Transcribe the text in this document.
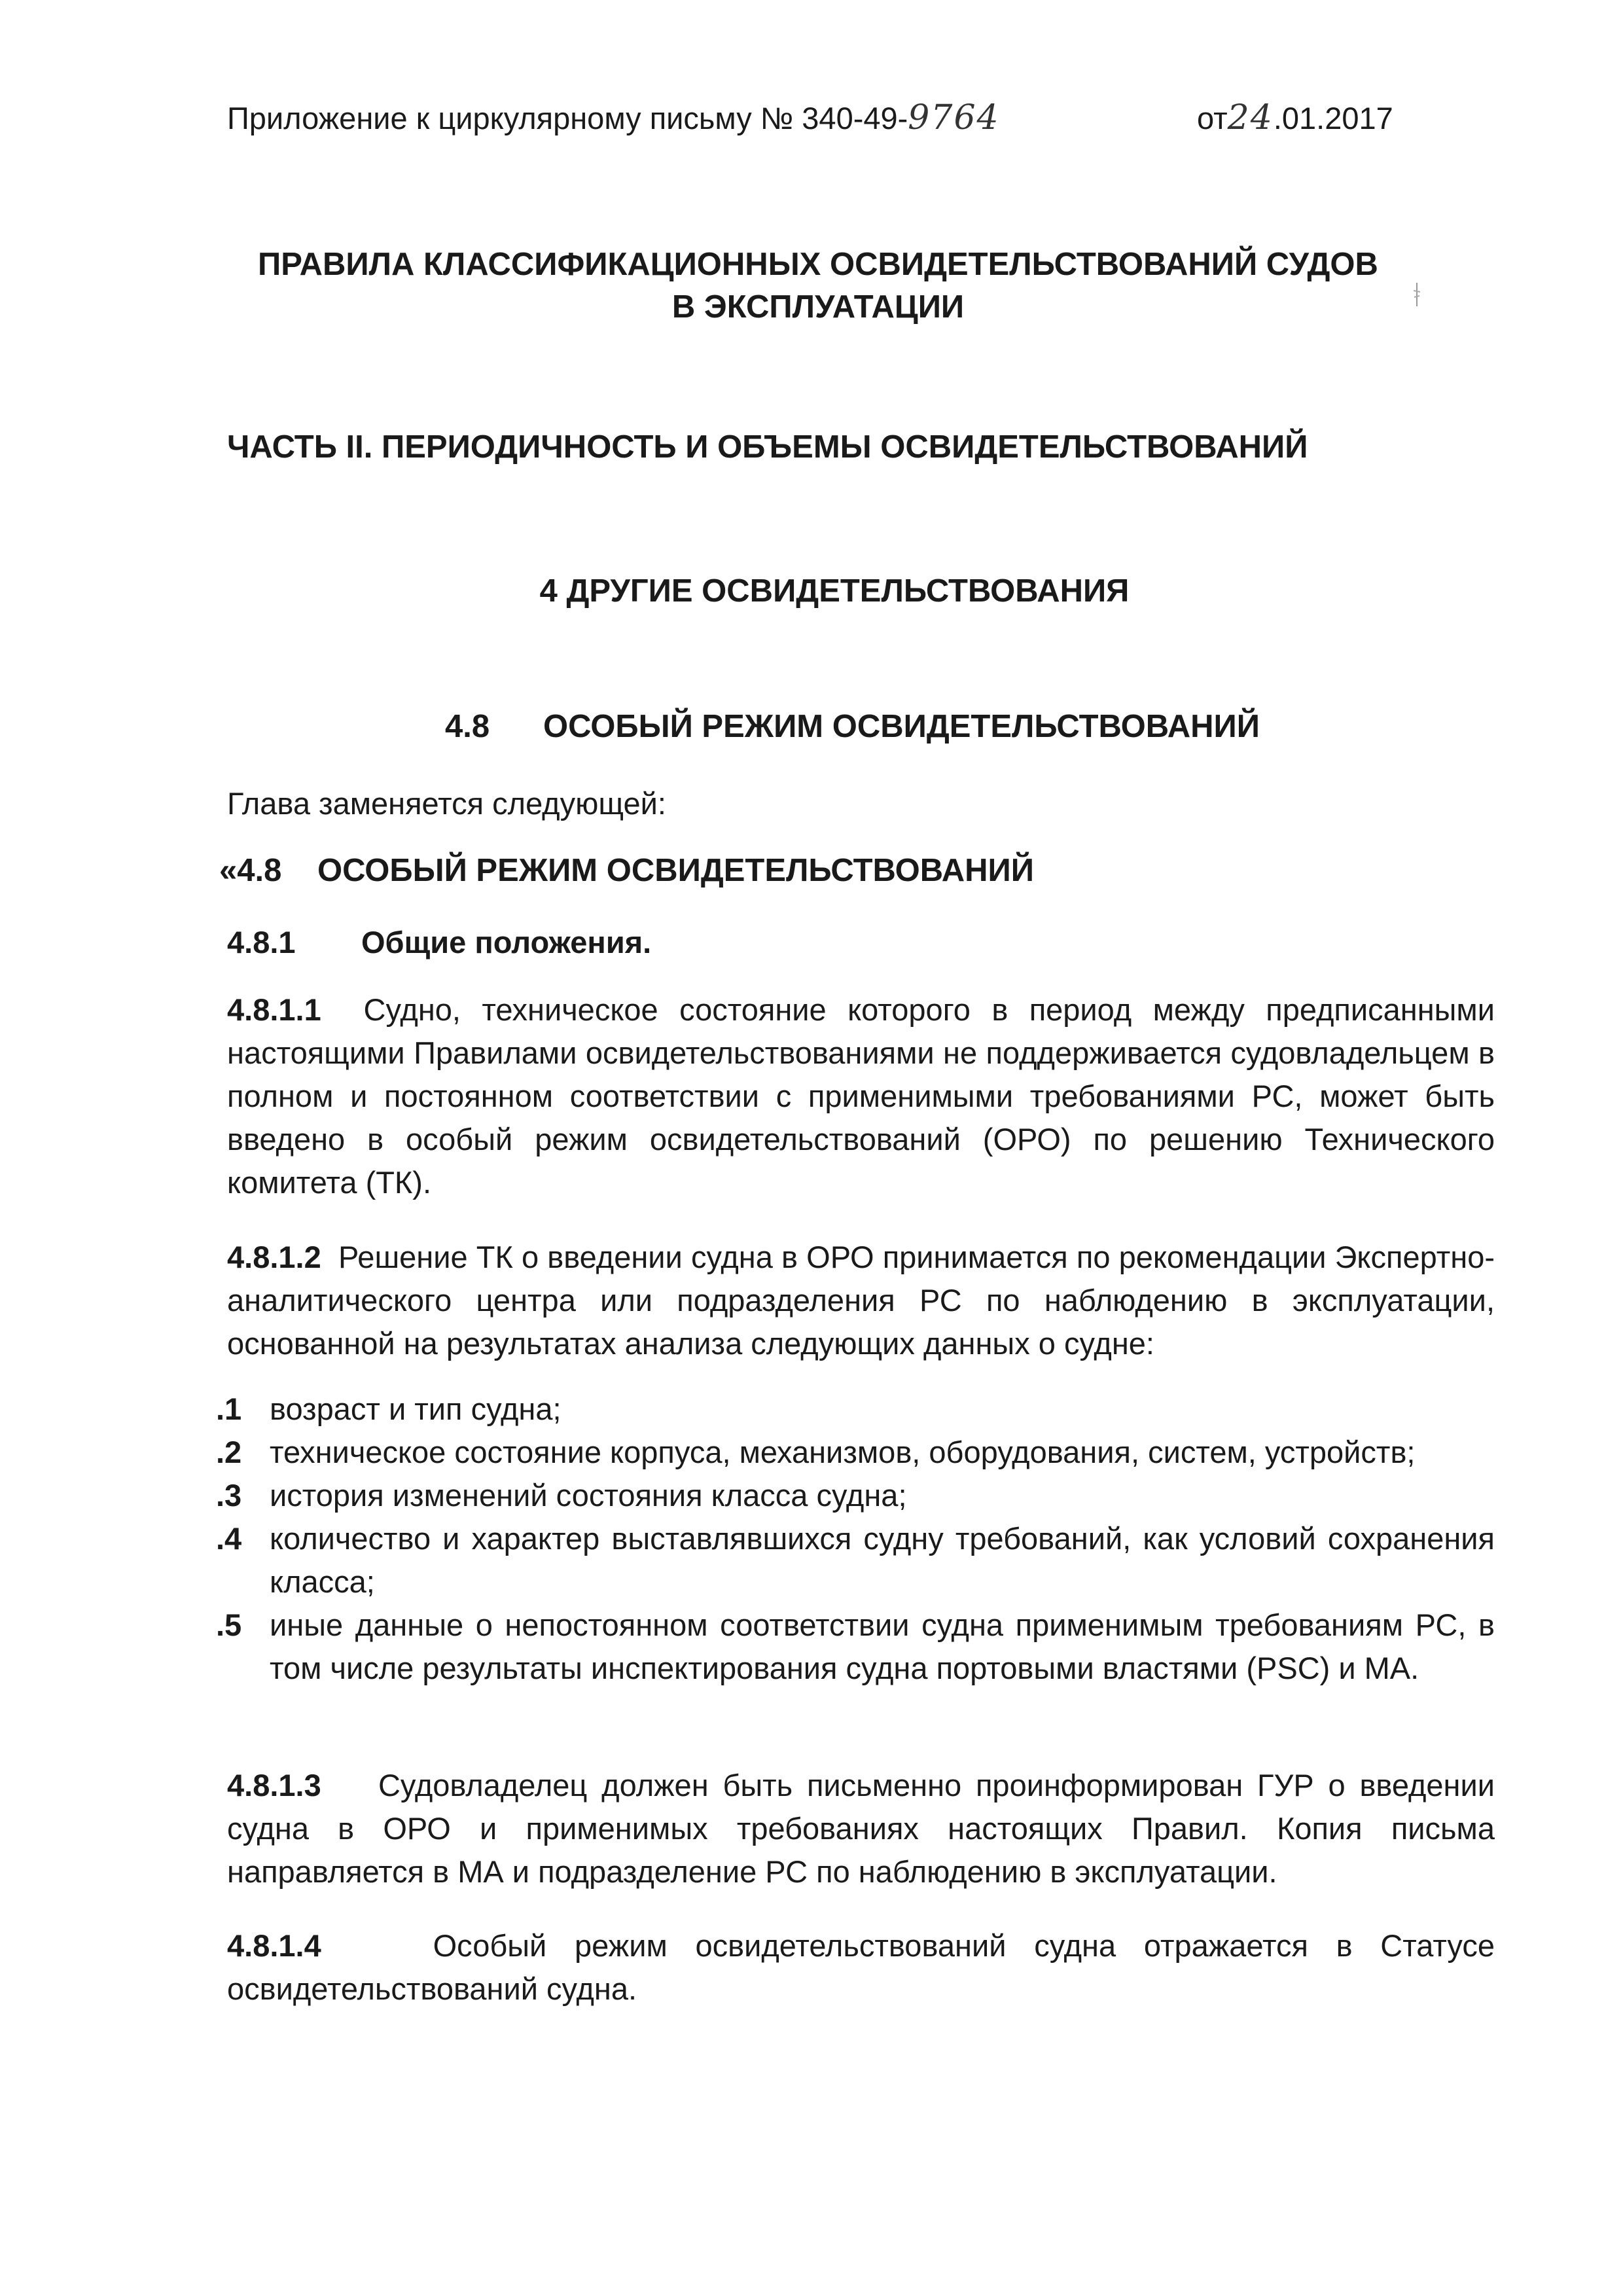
Приложение к циркулярному письму № 340-49-9764	от24.01.2017
ПРАВИЛА КЛАССИФИКАЦИОННЫХ ОСВИДЕТЕЛЬСТВОВАНИЙ СУДОВ
В ЭКСПЛУАТАЦИИ
ЧАСТЬ II. ПЕРИОДИЧНОСТЬ И ОБЪЕМЫ ОСВИДЕТЕЛЬСТВОВАНИЙ
4 ДРУГИЕ ОСВИДЕТЕЛЬСТВОВАНИЯ
4.8 ОСОБЫЙ РЕЖИМ ОСВИДЕТЕЛЬСТВОВАНИЙ
Глава заменяется следующей:
«4.8 ОСОБЫЙ РЕЖИМ ОСВИДЕТЕЛЬСТВОВАНИЙ
4.8.1 Общие положения.
4.8.1.1 Судно, техническое состояние которого в период между предписанными настоящими Правилами освидетельствованиями не поддерживается судовладельцем в полном и постоянном соответствии с применимыми требованиями РС, может быть введено в особый режим освидетельствований (ОРО) по решению Технического комитета (ТК).
4.8.1.2 Решение ТК о введении судна в ОРО принимается по рекомендации Экспертно-аналитического центра или подразделения РС по наблюдению в эксплуатации, основанной на результатах анализа следующих данных о судне:
.1 возраст и тип судна;
.2 техническое состояние корпуса, механизмов, оборудования, систем, устройств;
.3 история изменений состояния класса судна;
.4 количество и характер выставлявшихся судну требований, как условий сохранения класса;
.5 иные данные о непостоянном соответствии судна применимым требованиям РС, в том числе результаты инспектирования судна портовыми властями (PSC) и МА.
4.8.1.3 Судовладелец должен быть письменно проинформирован ГУР о введении судна в ОРО и применимых требованиях настоящих Правил. Копия письма направляется в МА и подразделение РС по наблюдению в эксплуатации.
4.8.1.4	Особый режим освидетельствований судна отражается в Статусе освидетельствований судна.
